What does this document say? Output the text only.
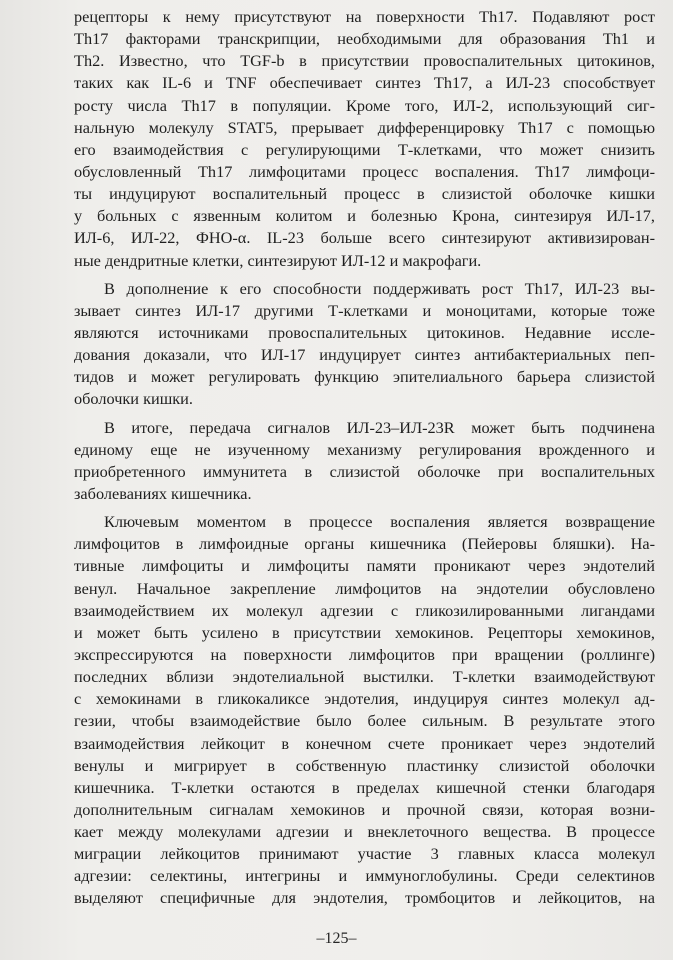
рецепторы к нему присутствуют на поверхности Th17. Подавляют рост
Th17 факторами транскрипции, необходимыми для образования Th1 и
Th2. Известно, что TGF-b в присутствии провоспалительных цитокинов,
таких как IL-6 и TNF обеспечивает синтез Th17, а ИЛ-23 способствует
росту числа Th17 в популяции. Кроме того, ИЛ-2, использующий сиг-
нальную молекулу STAT5, прерывает дифференцировку Th17 с помощью
его взаимодействия с регулирующими Т-клетками, что может снизить
обусловленный Th17 лимфоцитами процесс воспаления. Th17 лимфоци-
ты индуцируют воспалительный процесс в слизистой оболочке кишки
у больных с язвенным колитом и болезнью Крона, синтезируя ИЛ-17,
ИЛ-6, ИЛ-22, ФНО-α. IL-23 больше всего синтезируют активизирован-
ные дендритные клетки, синтезируют ИЛ-12 и макрофаги.
В дополнение к его способности поддерживать рост Th17, ИЛ-23 вы-
зывает синтез ИЛ-17 другими Т-клетками и моноцитами, которые тоже
являются источниками провоспалительных цитокинов. Недавние иссле-
дования доказали, что ИЛ-17 индуцирует синтез антибактериальных пеп-
тидов и может регулировать функцию эпителиального барьера слизистой
оболочки кишки.
В итоге, передача сигналов ИЛ-23–ИЛ-23R может быть подчинена
единому еще не изученному механизму регулирования врожденного и
приобретенного иммунитета в слизистой оболочке при воспалительных
заболеваниях кишечника.
Ключевым моментом в процессе воспаления является возвращение
лимфоцитов в лимфоидные органы кишечника (Пейеровы бляшки). На-
тивные лимфоциты и лимфоциты памяти проникают через эндотелий
венул. Начальное закрепление лимфоцитов на эндотелии обусловлено
взаимодействием их молекул адгезии с гликозилированными лигандами
и может быть усилено в присутствии хемокинов. Рецепторы хемокинов,
экспрессируются на поверхности лимфоцитов при вращении (роллинге)
последних вблизи эндотелиальной выстилки. Т-клетки взаимодействуют
с хемокинами в гликокаликсе эндотелия, индуцируя синтез молекул ад-
гезии, чтобы взаимодействие было более сильным. В результате этого
взаимодействия лейкоцит в конечном счете проникает через эндотелий
венулы и мигрирует в собственную пластинку слизистой оболочки
кишечника. Т-клетки остаются в пределах кишечной стенки благодаря
дополнительным сигналам хемокинов и прочной связи, которая возни-
кает между молекулами адгезии и внеклеточного вещества. В процессе
миграции лейкоцитов принимают участие 3 главных класса молекул
адгезии: селектины, интегрины и иммуноглобулины. Среди селектинов
выделяют специфичные для эндотелия, тромбоцитов и лейкоцитов, на
–125–
